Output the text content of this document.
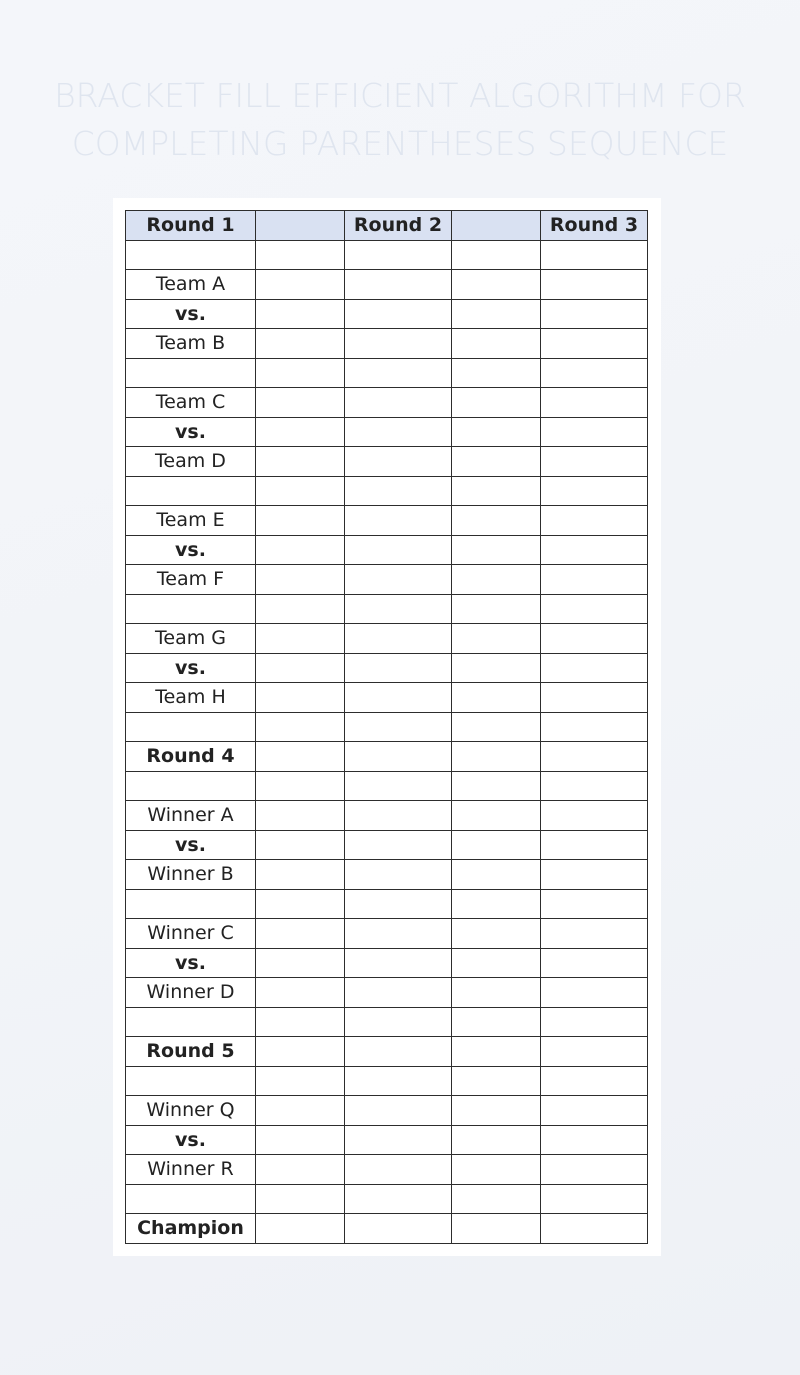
BRACKET FILL EFFICIENT ALGORITHM FOR
COMPLETING PARENTHESES SEQUENCE
Round 1		Round 2		Round 3

Team A				
vs.				
Team B				

Team C				
vs.				
Team D				

Team E				
vs.				
Team F				

Team G				
vs.				
Team H				

Round 4				

Winner A				
vs.				
Winner B				

Winner C				
vs.				
Winner D				

Round 5				

Winner Q				
vs.				
Winner R				

Champion				
